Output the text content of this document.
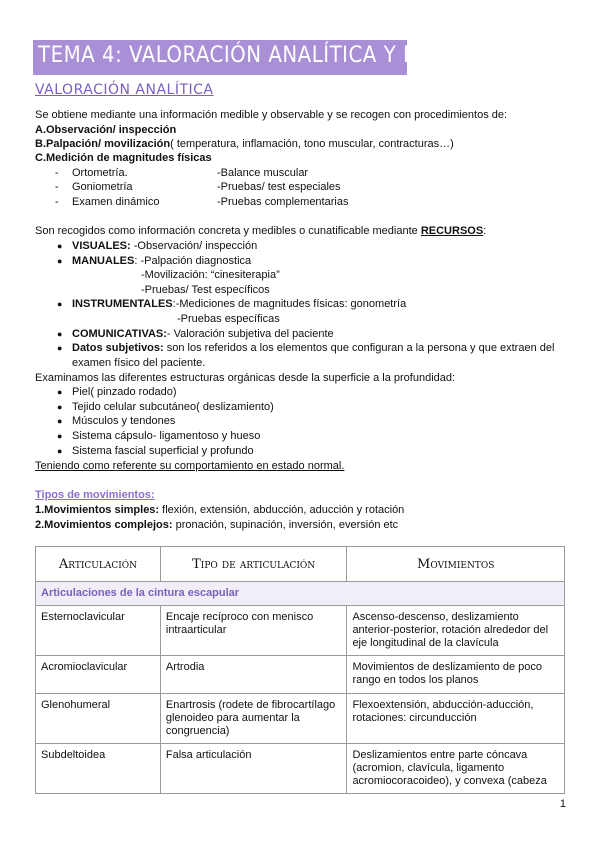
TEMA 4: VALORACIÓN ANALÍTICA Y FUNCIONAL
VALORACIÓN ANALÍTICA
Se obtiene mediante una información medible y observable y se recogen con procedimientos de:
A.Observación/ inspección
B.Palpación/ movilización( temperatura, inflamación, tono muscular, contracturas…)
C.Medición de magnitudes físicas
- Ortometría.	-Balance muscular
- Goniometría	-Pruebas/ test especiales
- Examen dinámico	-Pruebas complementarias
Son recogidos como información concreta y medibles o cunatificable mediante RECURSOS:
● VISUALES: -Observación/ inspección
● MANUALES: -Palpación diagnostica
-Movilización: “cinesiterapia”
-Pruebas/ Test específicos
● INSTRUMENTALES:-Mediciones de magnitudes físicas: gonometría
-Pruebas específicas
● COMUNICATIVAS:- Valoración subjetiva del paciente
● Datos subjetivos: son los referidos a los elementos que configuran a la persona y que extraen del
examen físico del paciente.
Examinamos las diferentes estructuras orgánicas desde la superficie a la profundidad:
● Piel( pinzado rodado)
● Tejido celular subcutáneo( deslizamiento)
● Músculos y tendones
● Sistema cápsulo- ligamentoso y hueso
● Sistema fascial superficial y profundo
Teniendo como referente su comportamiento en estado normal.
Tipos de movimientos:
1.Movimientos simples: flexión, extensión, abducción, aducción y rotación
2.Movimientos complejos: pronación, supinación, inversión, eversión etc
Articulación	Tipo de articulación	Movimientos
Articulaciones de la cintura escapular		
Esternoclavicular	Encaje recíproco con menisco intraarticular	Ascenso-descenso, deslizamiento anterior-posterior, rotación alrededor del eje longitudinal de la clavícula
Acromioclavicular	Artrodia	Movimientos de deslizamiento de poco rango en todos los planos
Glenohumeral	Enartrosis (rodete de fibrocartílago glenoideo para aumentar la congruencia)	Flexoextensión, abducción-aducción, rotaciones: circunducción
Subdeltoidea	Falsa articulación	Deslizamientos entre parte cóncava (acromion, clavícula, ligamento acromiocoracoideo), y convexa (cabeza
1
